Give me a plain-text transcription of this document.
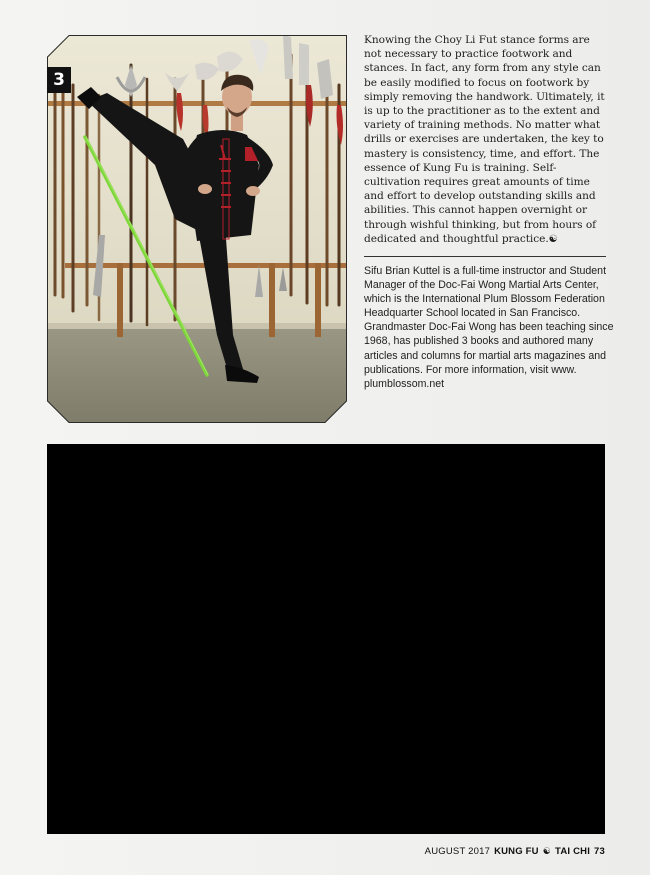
3

Knowing the Choy Li Fut stance forms are not necessary to practice footwork and stances. In fact, any form from any style can be easily modified to focus on footwork by simply removing the handwork. Ultimately, it is up to the practitioner as to the extent and variety of training methods. No matter what drills or exercises are undertaken, the key to mastery is consistency, time, and effort. The essence of Kung Fu is training. Self-cultivation requires great amounts of time and effort to develop outstanding skills and abilities. This cannot happen overnight or through wishful thinking, but from hours of dedicated and thoughtful practice.☯

Sifu Brian Kuttel is a full-time instructor and Student Manager of the Doc-Fai Wong Martial Arts Center, which is the International Plum Blossom Federation Headquarter School located in San Francisco. Grandmaster Doc-Fai Wong has been teaching since 1968, has published 3 books and authored many articles and columns for martial arts magazines and publications. For more information, visit www. plumblossom.net

AUGUST 2017 KUNG FU ☯ TAI CHI 73
